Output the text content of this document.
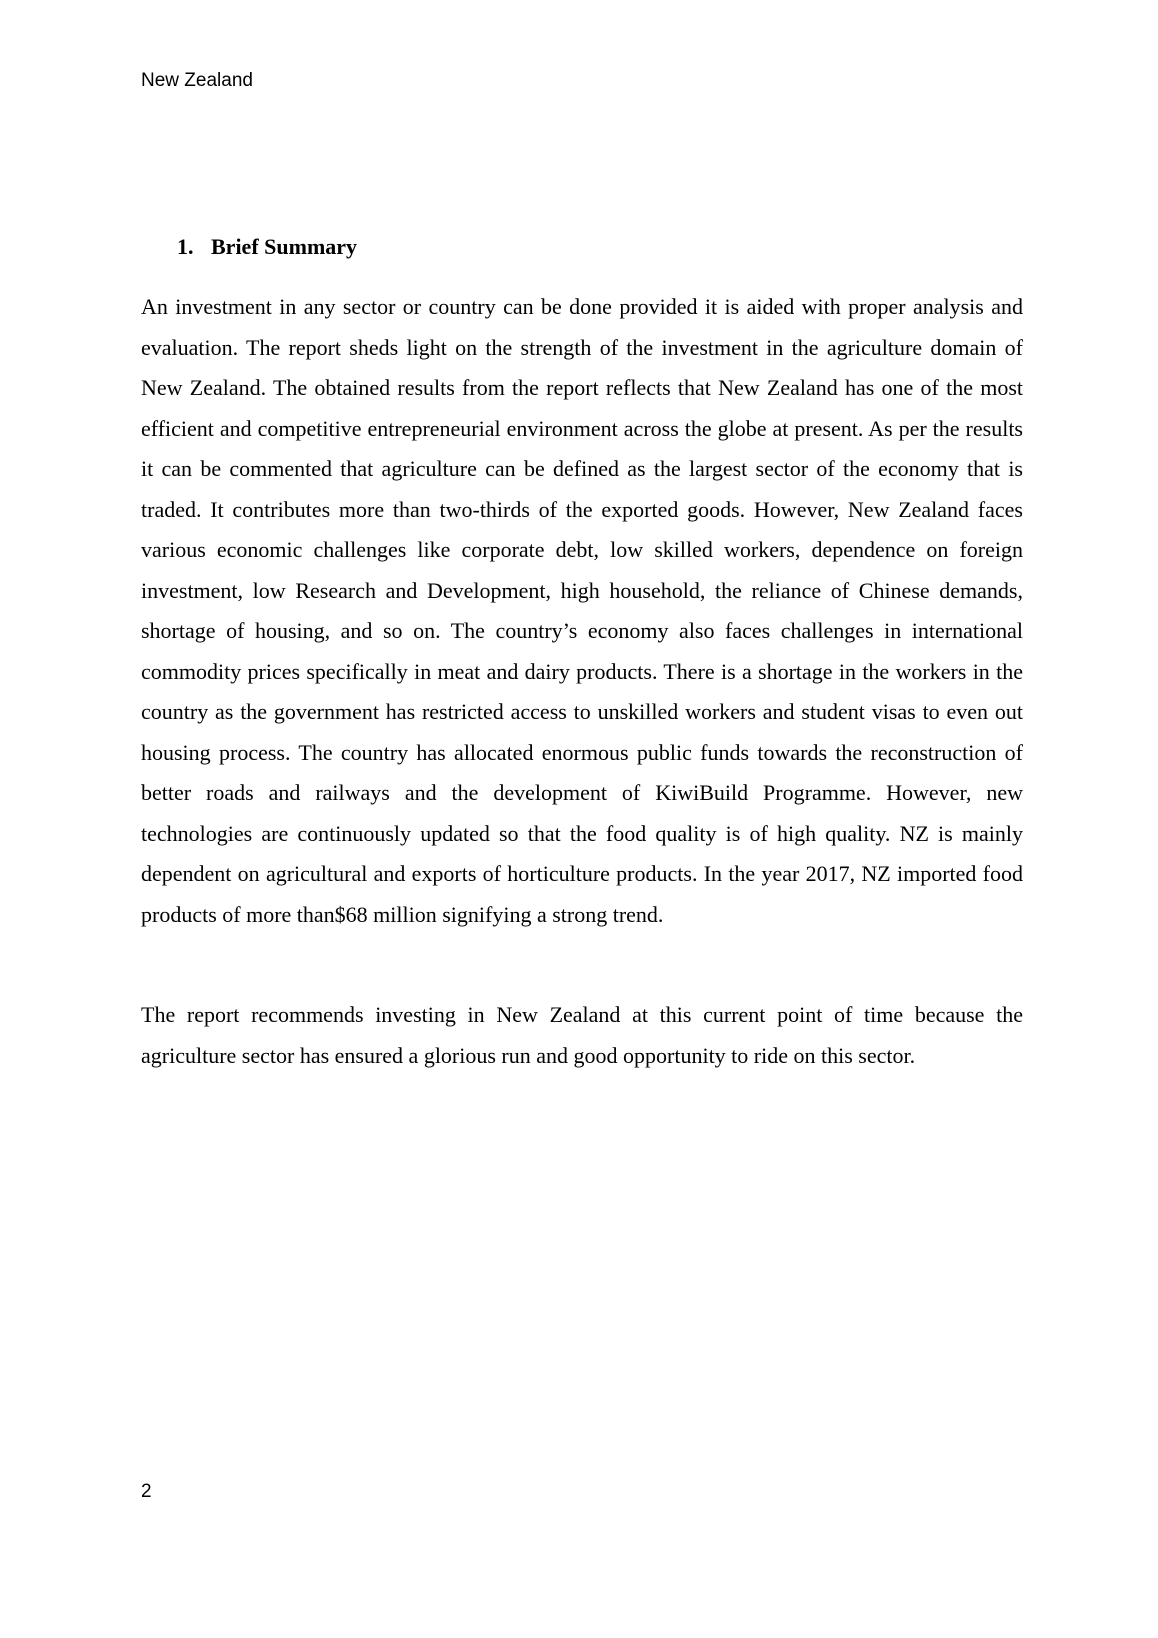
New Zealand
1. Brief Summary

An investment in any sector or country can be done provided it is aided with proper analysis and evaluation. The report sheds light on the strength of the investment in the agriculture domain of New Zealand. The obtained results from the report reflects that New Zealand has one of the most efficient and competitive entrepreneurial environment across the globe at present. As per the results it can be commented that agriculture can be defined as the largest sector of the economy that is traded. It contributes more than two-thirds of the exported goods. However, New Zealand faces various economic challenges like corporate debt, low skilled workers, dependence on foreign investment, low Research and Development, high household, the reliance of Chinese demands, shortage of housing, and so on. The country’s economy also faces challenges in international commodity prices specifically in meat and dairy products. There is a shortage in the workers in the country as the government has restricted access to unskilled workers and student visas to even out housing process. The country has allocated enormous public funds towards the reconstruction of better roads and railways and the development of KiwiBuild Programme. However, new technologies are continuously updated so that the food quality is of high quality. NZ is mainly dependent on agricultural and exports of horticulture products. In the year 2017, NZ imported food products of more than$68 million signifying a strong trend.

The report recommends investing in New Zealand at this current point of time because the agriculture sector has ensured a glorious run and good opportunity to ride on this sector.

2
